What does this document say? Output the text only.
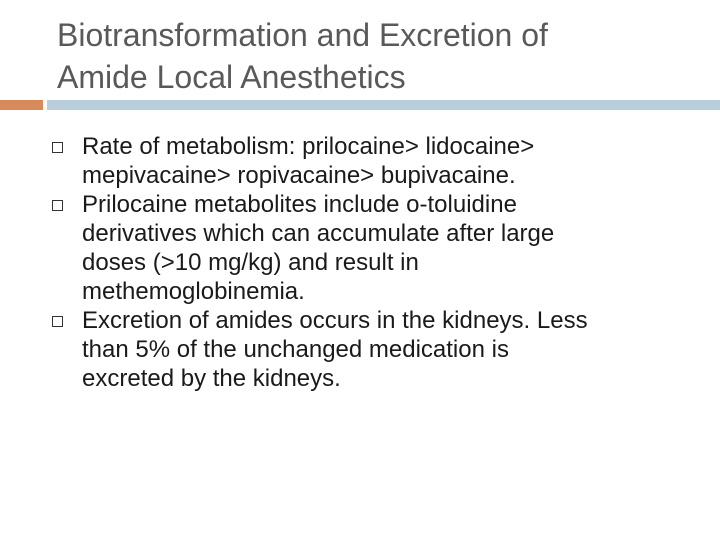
Biotransformation and Excretion of
Amide Local Anesthetics
Rate of metabolism: prilocaine> lidocaine>
mepivacaine> ropivacaine> bupivacaine.
Prilocaine metabolites include o-toluidine
derivatives which can accumulate after large
doses (>10 mg/kg) and result in
methemoglobinemia.
Excretion of amides occurs in the kidneys. Less
than 5% of the unchanged medication is
excreted by the kidneys.
